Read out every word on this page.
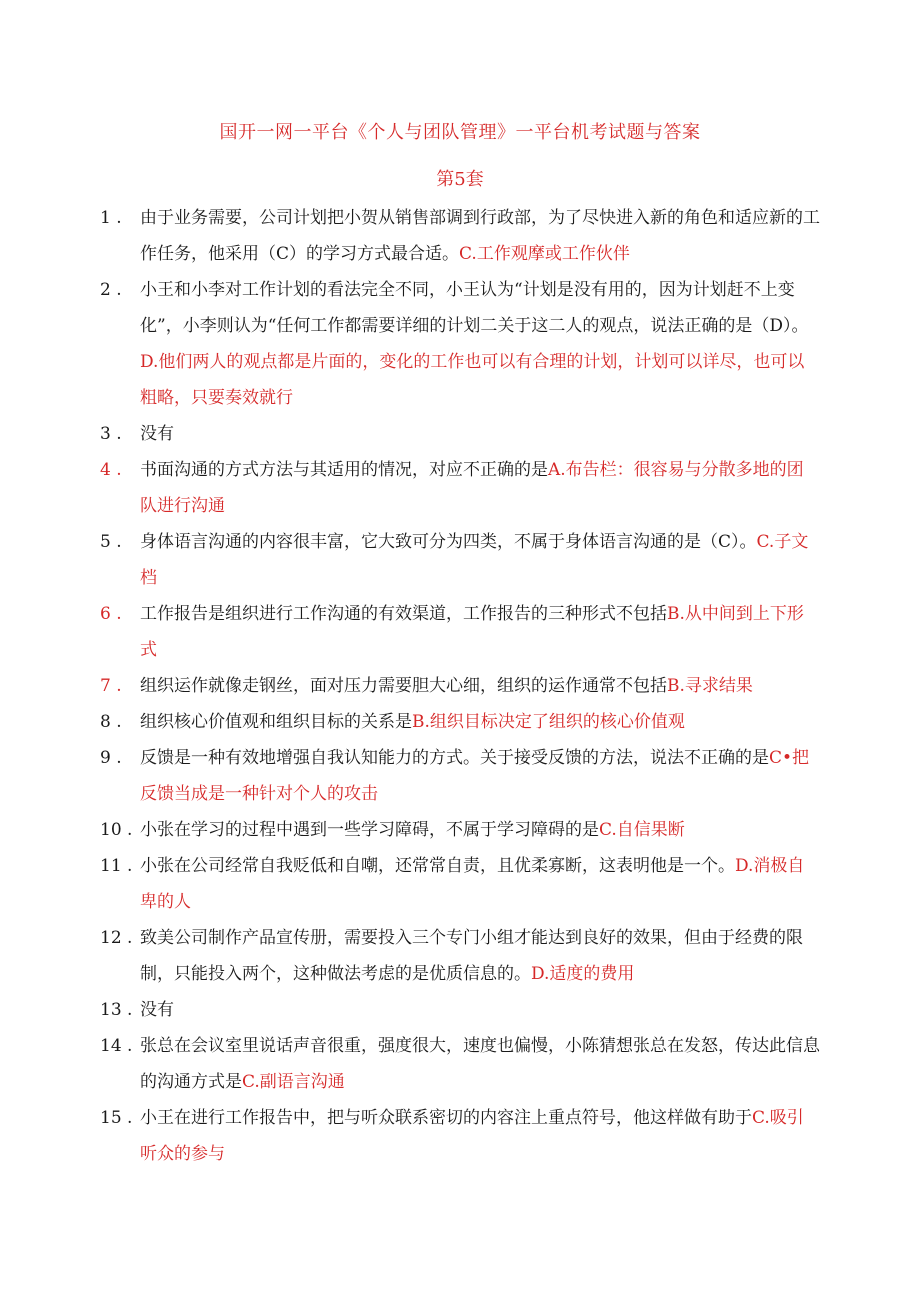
国开一网一平台《个人与团队管理》一平台机考试题与答案
第5套
1 . 由于业务需要，公司计划把小贺从销售部调到行政部，为了尽快进入新的角色和适应新的工作任务，他采用（C）的学习方式最合适。C.工作观摩或工作伙伴
2 . 小王和小李对工作计划的看法完全不同，小王认为“计划是没有用的，因为计划赶不上变化”，小李则认为“任何工作都需要详细的计划二关于这二人的观点，说法正确的是（D）。D.他们两人的观点都是片面的，变化的工作也可以有合理的计划，计划可以详尽，也可以粗略，只要奏效就行
3 . 没有
4 . 书面沟通的方式方法与其适用的情况，对应不正确的是A.布告栏：很容易与分散多地的团队进行沟通
5 . 身体语言沟通的内容很丰富，它大致可分为四类，不属于身体语言沟通的是（C）。C.子文档
6 . 工作报告是组织进行工作沟通的有效渠道，工作报告的三种形式不包括B.从中间到上下形式
7 . 组织运作就像走钢丝，面对压力需要胆大心细，组织的运作通常不包括B.寻求结果
8 . 组织核心价值观和组织目标的关系是B.组织目标决定了组织的核心价值观
9 . 反馈是一种有效地增强自我认知能力的方式。关于接受反馈的方法，说法不正确的是C•把反馈当成是一种针对个人的攻击
10 . 小张在学习的过程中遇到一些学习障碍，不属于学习障碍的是C.自信果断
11 . 小张在公司经常自我贬低和自嘲，还常常自责，且优柔寡断，这表明他是一个。D.消极自卑的人
12 . 致美公司制作产品宣传册，需要投入三个专门小组才能达到良好的效果，但由于经费的限制，只能投入两个，这种做法考虑的是优质信息的。D.适度的费用
13 . 没有
14 . 张总在会议室里说话声音很重，强度很大，速度也偏慢，小陈猜想张总在发怒，传达此信息的沟通方式是C.副语言沟通
15 . 小王在进行工作报告中，把与听众联系密切的内容注上重点符号，他这样做有助于C.吸引听众的参与
